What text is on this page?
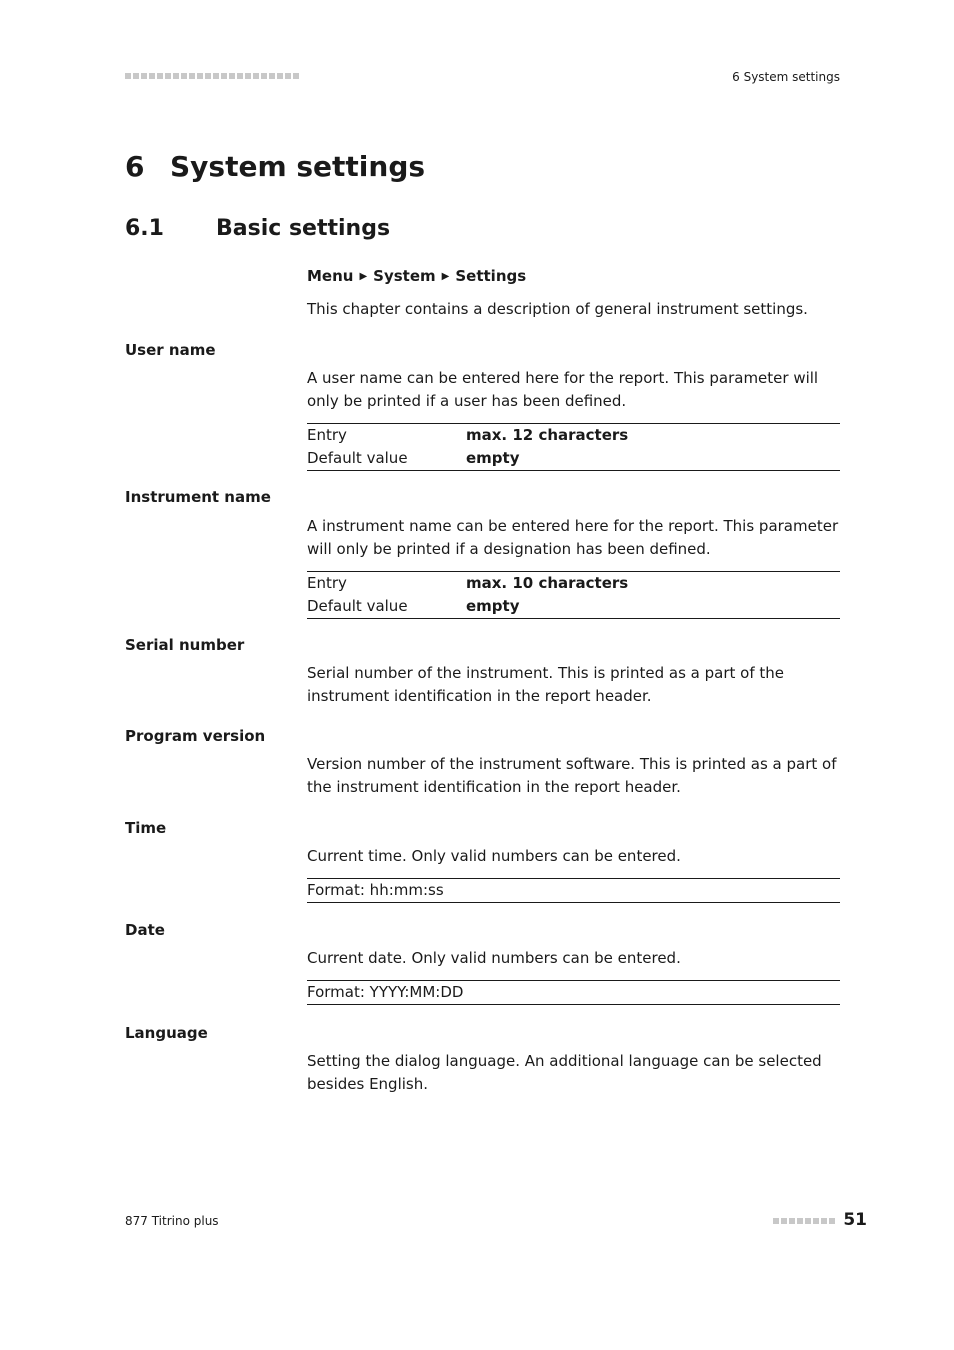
6 System settings
6 System settings
6.1 Basic settings
Menu ▶ System ▶ Settings

This chapter contains a description of general instrument settings.

User name

A user name can be entered here for the report. This parameter will only be printed if a user has been defined.

Entry	max. 12 characters
Default value	empty
Instrument name

A instrument name can be entered here for the report. This parameter will only be printed if a designation has been defined.

Entry	max. 10 characters
Default value	empty
Serial number

Serial number of the instrument. This is printed as a part of the instrument identification in the report header.

Program version

Version number of the instrument software. This is printed as a part of the instrument identification in the report header.

Time

Current time. Only valid numbers can be entered.

Format: hh:mm:ss
Date

Current date. Only valid numbers can be entered.

Format: YYYY:MM:DD
Language

Setting the dialog language. An additional language can be selected besides English.

877 Titrino plus	51
